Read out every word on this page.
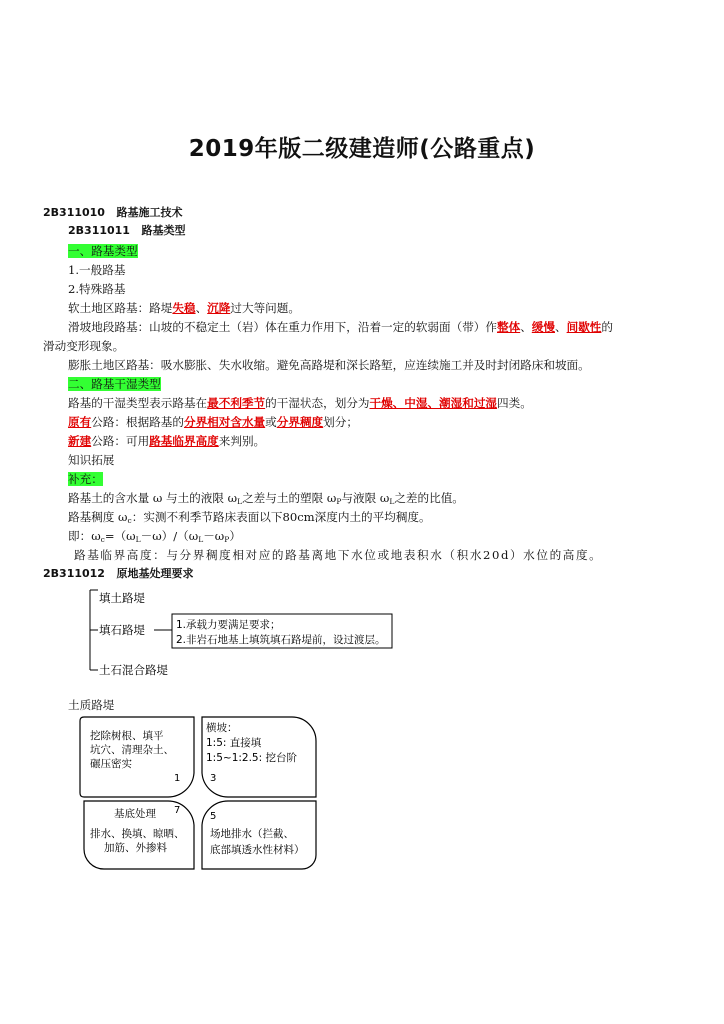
2019年版二级建造师(公路重点)
2B311010 路基施工技术
2B311011 路基类型
一、路基类型
1.一般路基
2.特殊路基
软土地区路基：路堤失稳、沉降过大等问题。
滑坡地段路基：山坡的不稳定土（岩）体在重力作用下，沿着一定的软弱面（带）作整体、缓慢、间歇性的
滑动变形现象。
膨胀土地区路基：吸水膨胀、失水收缩。避免高路堤和深长路堑，应连续施工并及时封闭路床和坡面。
二、路基干湿类型
路基的干湿类型表示路基在最不利季节的干湿状态，划分为干燥、中湿、潮湿和过湿四类。
原有公路：根据路基的分界相对含水量或分界稠度划分；
新建公路：可用路基临界高度来判别。
知识拓展
补充：
路基土的含水量 ω 与土的液限 $\omega_L$之差与土的塑限 $\omega_P$与液限 $\omega_L$之差的比值。
路基稠度 $\omega_c$：实测不利季节路床表面以下80cm深度内土的平均稠度。
即：$\omega_c=(\omega_L-\omega)/(\omega_L-\omega_P)$
路基临界高度：与分界稠度相对应的路基离地下水位或地表积水（积水20d）水位的高度。
2B311012 原地基处理要求
填土路堤
填石路堤
土石混合路堤
1.承载力要满足要求；
2.非岩石地基上填筑填石路堤前，设过渡层。
土质路堤
挖除树根、填平
坑穴、清理杂土、
碾压密实
横坡：
1:5: 直接填
1:5~1:2.5: 挖台阶
基底处理
排水、换填、晾晒、
加筋、外掺料
场地排水（拦截、
底部填透水性材料）
1	3
7
5
